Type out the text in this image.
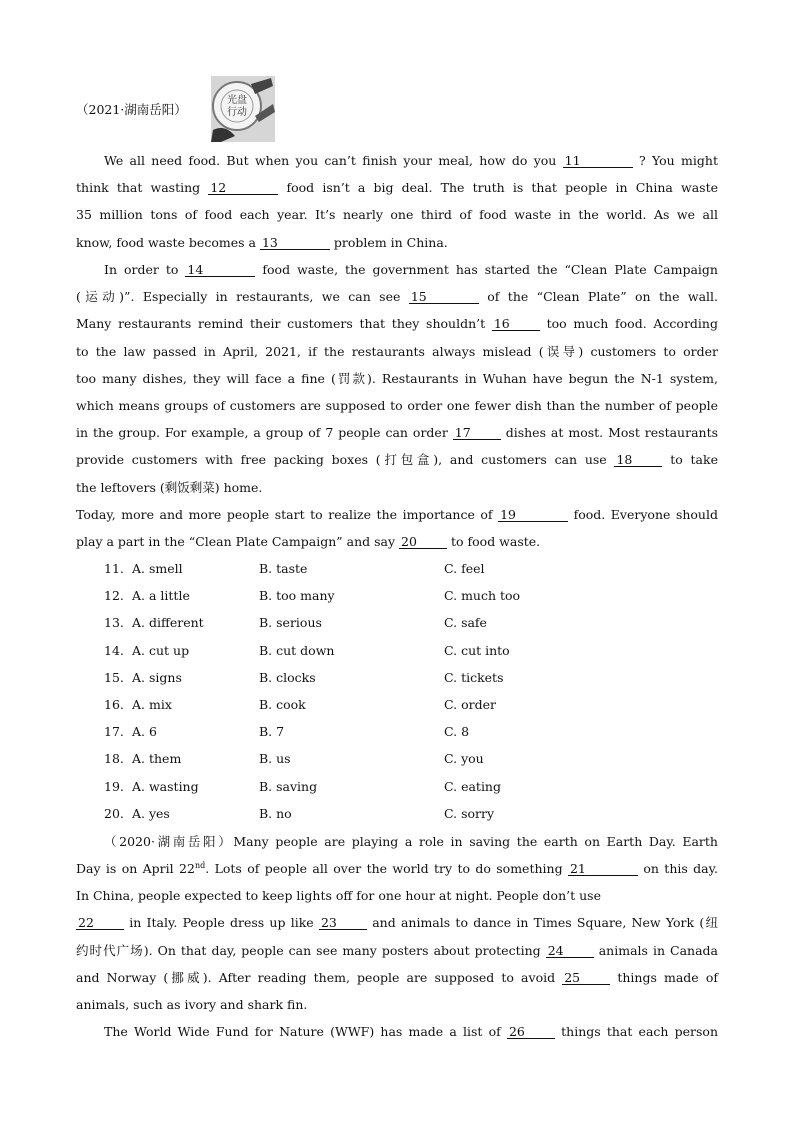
（2021·湖南岳阳）
光盘
行动
We all need food. But when you can’t finish your meal, how do you 11	? You might
think that wasting 12	food isn’t a big deal. The truth is that people in China waste
35 million tons of food each year. It’s nearly one third of food waste in the world. As we all
know, food waste becomes a 13	problem in China.
In order to 14	food waste, the government has started the “Clean Plate Campaign
(运动)”. Especially in restaurants, we can see 15	of the “Clean Plate” on the wall.
Many restaurants remind their customers that they shouldn’t 16	too much food. According
to the law passed in April, 2021, if the restaurants always mislead (误导) customers to order
too many dishes, they will face a fine (罚款). Restaurants in Wuhan have begun the N-1 system,
which means groups of customers are supposed to order one fewer dish than the number of people
in the group. For example, a group of 7 people can order 17	dishes at most. Most restaurants
provide customers with free packing boxes (打包盒), and customers can use 18	to take
the leftovers (剩饭剩菜) home.
Today, more and more people start to realize the importance of 19	food. Everyone should
play a part in the “Clean Plate Campaign” and say 20	to food waste.
11. A. smell	B. taste	C. feel
12. A. a little	B. too many	C. much too
13. A. different	B. serious	C. safe
14. A. cut up	B. cut down	C. cut into
15. A. signs	B. clocks	C. tickets
16. A. mix	B. cook	C. order
17. A. 6	B. 7	C. 8
18. A. them	B. us	C. you
19. A. wasting	B. saving	C. eating
20. A. yes	B. no	C. sorry
（2020·湖南岳阳）Many people are playing a role in saving the earth on Earth Day. Earth
Day is on April 22nd. Lots of people all over the world try to do something 21	on this day.
In China, people expected to keep lights off for one hour at night. People don’t use
22	in Italy. People dress up like 23	and animals to dance in Times Square, New York (纽
约时代广场). On that day, people can see many posters about protecting 24	animals in Canada
and Norway (挪威). After reading them, people are supposed to avoid 25	things made of
animals, such as ivory and shark fin.
The World Wide Fund for Nature (WWF) has made a list of 26	things that each person
